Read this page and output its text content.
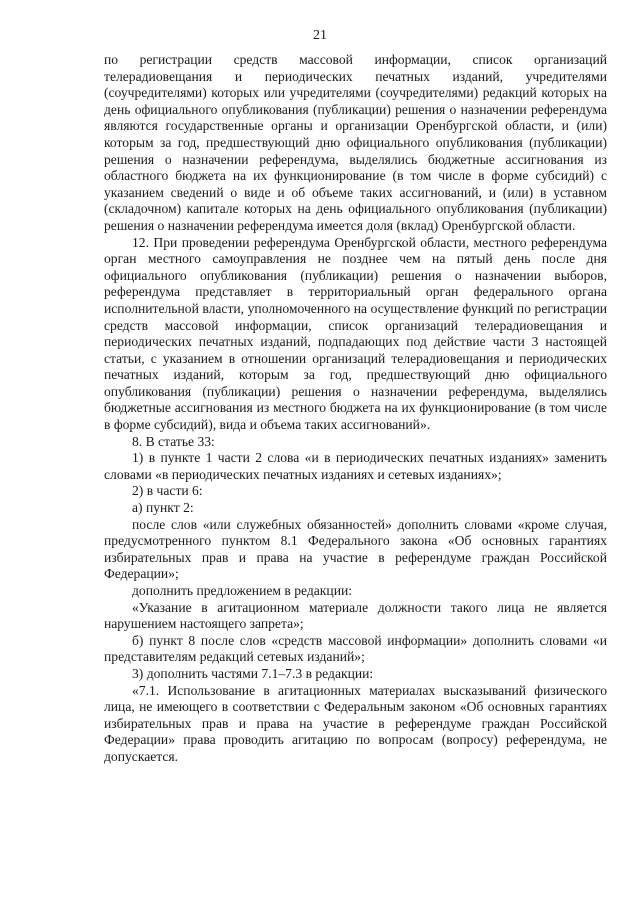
21

по регистрации средств массовой информации, список организаций телерадиовещания и периодических печатных изданий, учредителями (соучредителями) которых или учредителями (соучредителями) редакций которых на день официального опубликования (публикации) решения о назначении референдума являются государственные органы и организации Оренбургской области, и (или) которым за год, предшествующий дню официального опубликования (публикации) решения о назначении референдума, выделялись бюджетные ассигнования из областного бюджета на их функционирование (в том числе в форме субсидий) с указанием сведений о виде и об объеме таких ассигнований, и (или) в уставном (складочном) капитале которых на день официального опубликования (публикации) решения о назначении референдума имеется доля (вклад) Оренбургской области.

12. При проведении референдума Оренбургской области, местного референдума орган местного самоуправления не позднее чем на пятый день после дня официального опубликования (публикации) решения о назначении выборов, референдума представляет в территориальный орган федерального органа исполнительной власти, уполномоченного на осуществление функций по регистрации средств массовой информации, список организаций телерадиовещания и периодических печатных изданий, подпадающих под действие части 3 настоящей статьи, с указанием в отношении организаций телерадиовещания и периодических печатных изданий, которым за год, предшествующий дню официального опубликования (публикации) решения о назначении референдума, выделялись бюджетные ассигнования из местного бюджета на их функционирование (в том числе в форме субсидий), вида и объема таких ассигнований».

8. В статье 33:

1) в пункте 1 части 2 слова «и в периодических печатных изданиях» заменить словами «в периодических печатных изданиях и сетевых изданиях»;

2) в части 6:

а) пункт 2:

после слов «или служебных обязанностей» дополнить словами «кроме случая, предусмотренного пунктом 8.1 Федерального закона «Об основных гарантиях избирательных прав и права на участие в референдуме граждан Российской Федерации»;

дополнить предложением в редакции:

«Указание в агитационном материале должности такого лица не является нарушением настоящего запрета»;

б) пункт 8 после слов «средств массовой информации» дополнить словами «и представителям редакций сетевых изданий»;

3) дополнить частями 7.1–7.3 в редакции:

«7.1. Использование в агитационных материалах высказываний физического лица, не имеющего в соответствии с Федеральным законом «Об основных гарантиях избирательных прав и права на участие в референдуме граждан Российской Федерации» права проводить агитацию по вопросам (вопросу) референдума, не допускается.
